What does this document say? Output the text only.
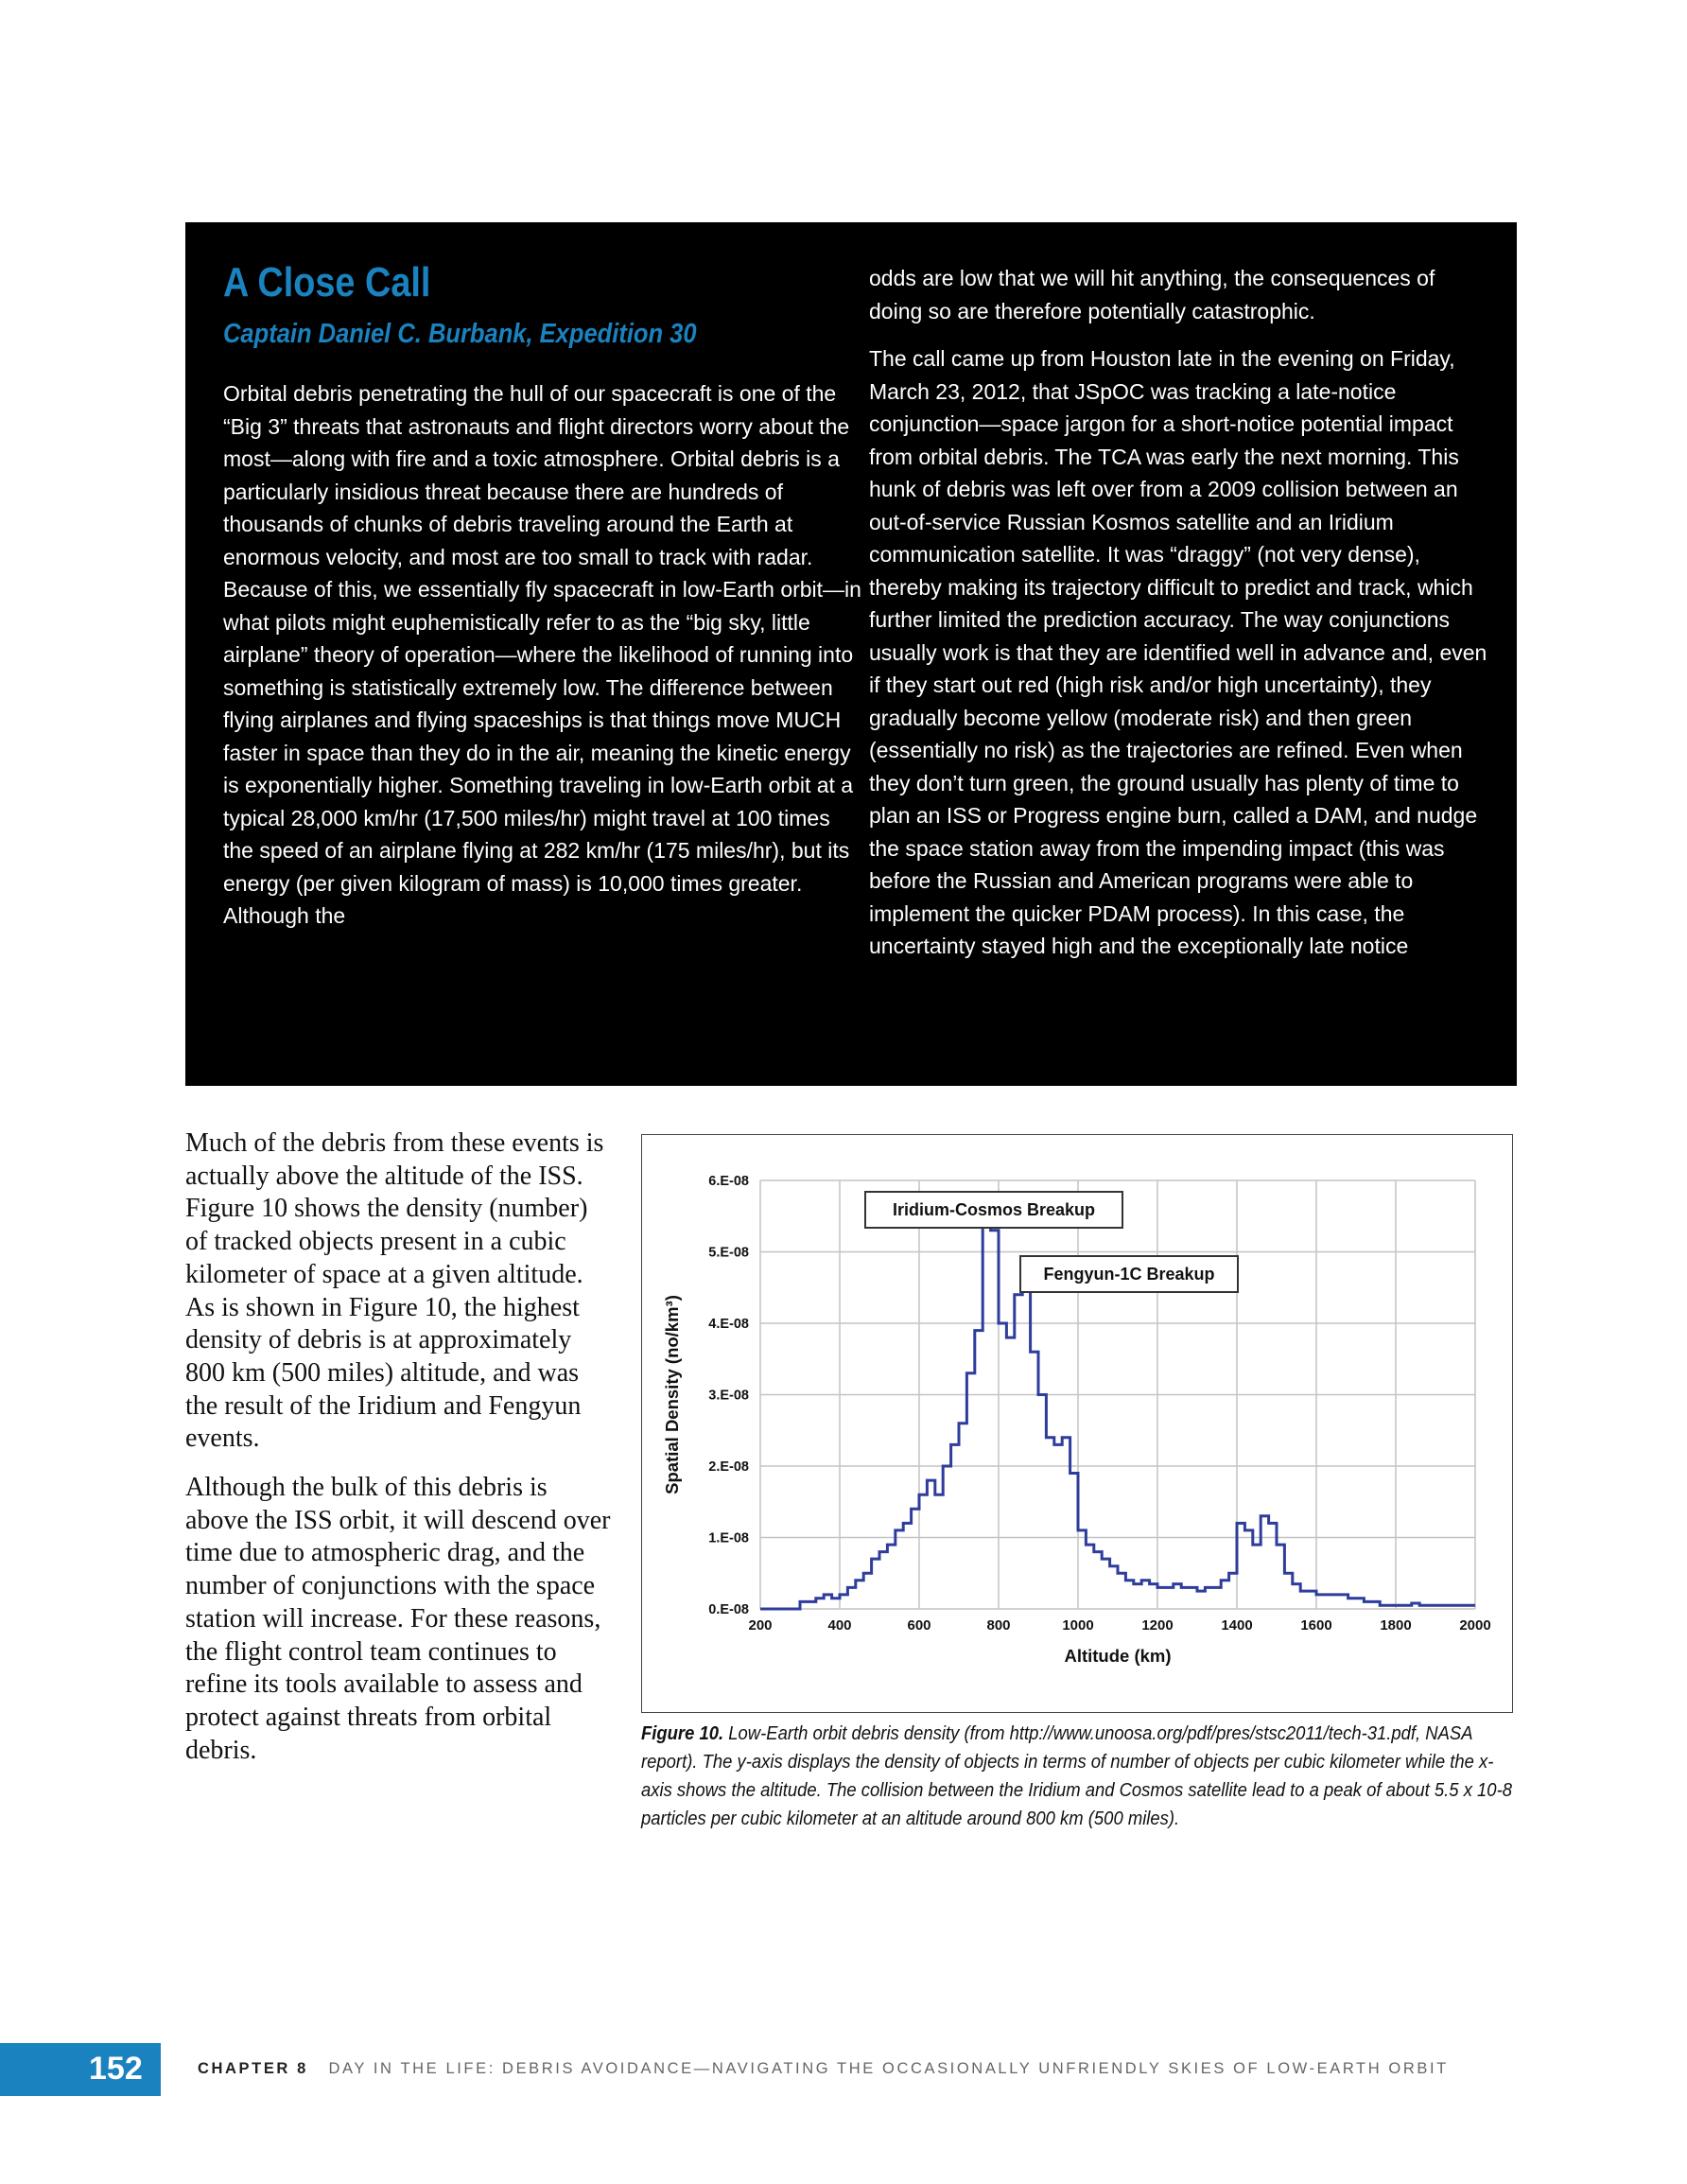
A Close Call
Captain Daniel C. Burbank, Expedition 30

Orbital debris penetrating the hull of our spacecraft is one of the “Big 3” threats that astronauts and flight directors worry about the most—along with fire and a toxic atmosphere. Orbital debris is a particularly insidious threat because there are hundreds of thousands of chunks of debris traveling around the Earth at enormous velocity, and most are too small to track with radar. Because of this, we essentially fly spacecraft in low-Earth orbit—in what pilots might euphemistically refer to as the “big sky, little airplane” theory of operation—where the likelihood of running into something is statistically extremely low. The difference between flying airplanes and flying spaceships is that things move MUCH faster in space than they do in the air, meaning the kinetic energy is exponentially higher. Something traveling in low-Earth orbit at a typical 28,000 km/hr (17,500 miles/hr) might travel at 100 times the speed of an airplane flying at 282 km/hr (175 miles/hr), but its energy (per given kilogram of mass) is 10,000 times greater. Although the

odds are low that we will hit anything, the consequences of doing so are therefore potentially catastrophic.

The call came up from Houston late in the evening on Friday, March 23, 2012, that JSpOC was tracking a late-notice conjunction—space jargon for a short-notice potential impact from orbital debris. The TCA was early the next morning. This hunk of debris was left over from a 2009 collision between an out-of-service Russian Kosmos satellite and an Iridium communication satellite. It was “draggy” (not very dense), thereby making its trajectory difficult to predict and track, which further limited the prediction accuracy. The way conjunctions usually work is that they are identified well in advance and, even if they start out red (high risk and/or high uncertainty), they gradually become yellow (moderate risk) and then green (essentially no risk) as the trajectories are refined. Even when they don’t turn green, the ground usually has plenty of time to plan an ISS or Progress engine burn, called a DAM, and nudge the space station away from the impending impact (this was before the Russian and American programs were able to implement the quicker PDAM process). In this case, the uncertainty stayed high and the exceptionally late notice

Much of the debris from these events is actually above the altitude of the ISS. Figure 10 shows the density (number) of tracked objects present in a cubic kilometer of space at a given altitude. As is shown in Figure 10, the highest density of debris is at approximately 800 km (500 miles) altitude, and was the result of the Iridium and Fengyun events.

Although the bulk of this debris is above the ISS orbit, it will descend over time due to atmospheric drag, and the number of conjunctions with the space station will increase. For these reasons, the flight control team continues to refine its tools available to assess and protect against threats from orbital debris.

200	400	600	800	1000	1200	1400	1600	1800	2000
0.E-08
1.E-08
2.E-08
3.E-08
4.E-08
5.E-08
6.E-08
Altitude (km)
Spatial Density (no/km³)
Iridium-Cosmos Breakup
Fengyun-1C Breakup

Figure 10. Low-Earth orbit debris density (from http://www.unoosa.org/pdf/pres/stsc2011/tech-31.pdf, NASA report). The y-axis displays the density of objects in terms of number of objects per cubic kilometer while the x-axis shows the altitude. The collision between the Iridium and Cosmos satellite lead to a peak of about 5.5 x 10-8 particles per cubic kilometer at an altitude around 800 km (500 miles).

152	CHAPTER 8 DAY IN THE LIFE: DEBRIS AVOIDANCE—NAVIGATING THE OCCASIONALLY UNFRIENDLY SKIES OF LOW-EARTH ORBIT
